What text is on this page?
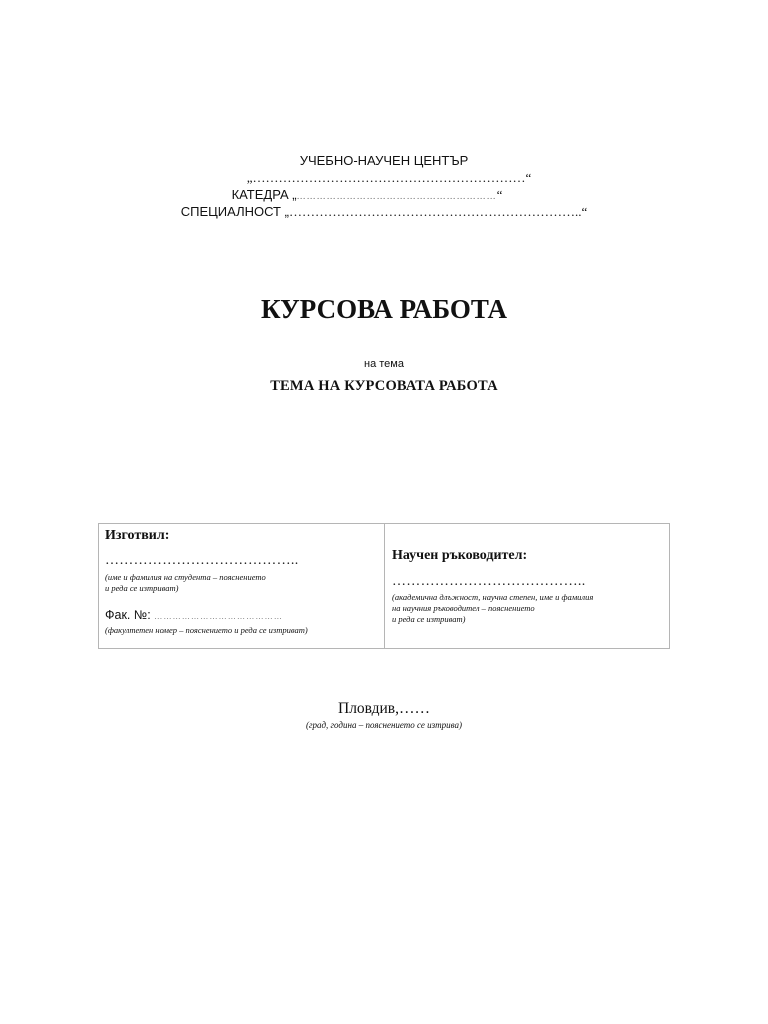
УЧЕБНО-НАУЧЕН ЦЕНТЪР
„………………………………………………………“
КАТЕДРА „……………………………………………………“
СПЕЦИАЛНОСТ „…………………………………………………………..“
КУРСОВА РАБОТА
на тема
ТЕМА НА КУРСОВАТА РАБОТА
Изготвил:
…………………………………..
(име и фамилия на студента – пояснението
и реда се изтриват)
Фак. №: ……………………………………
(факултетен номер – пояснението и реда се изтриват)
Научен ръководител:
…………………………………..
(академична длъжност, научна степен, име и фамилия
на научния ръководител – пояснението
и реда се изтриват)
Пловдив,……
(град, година – пояснението се изтрива)
